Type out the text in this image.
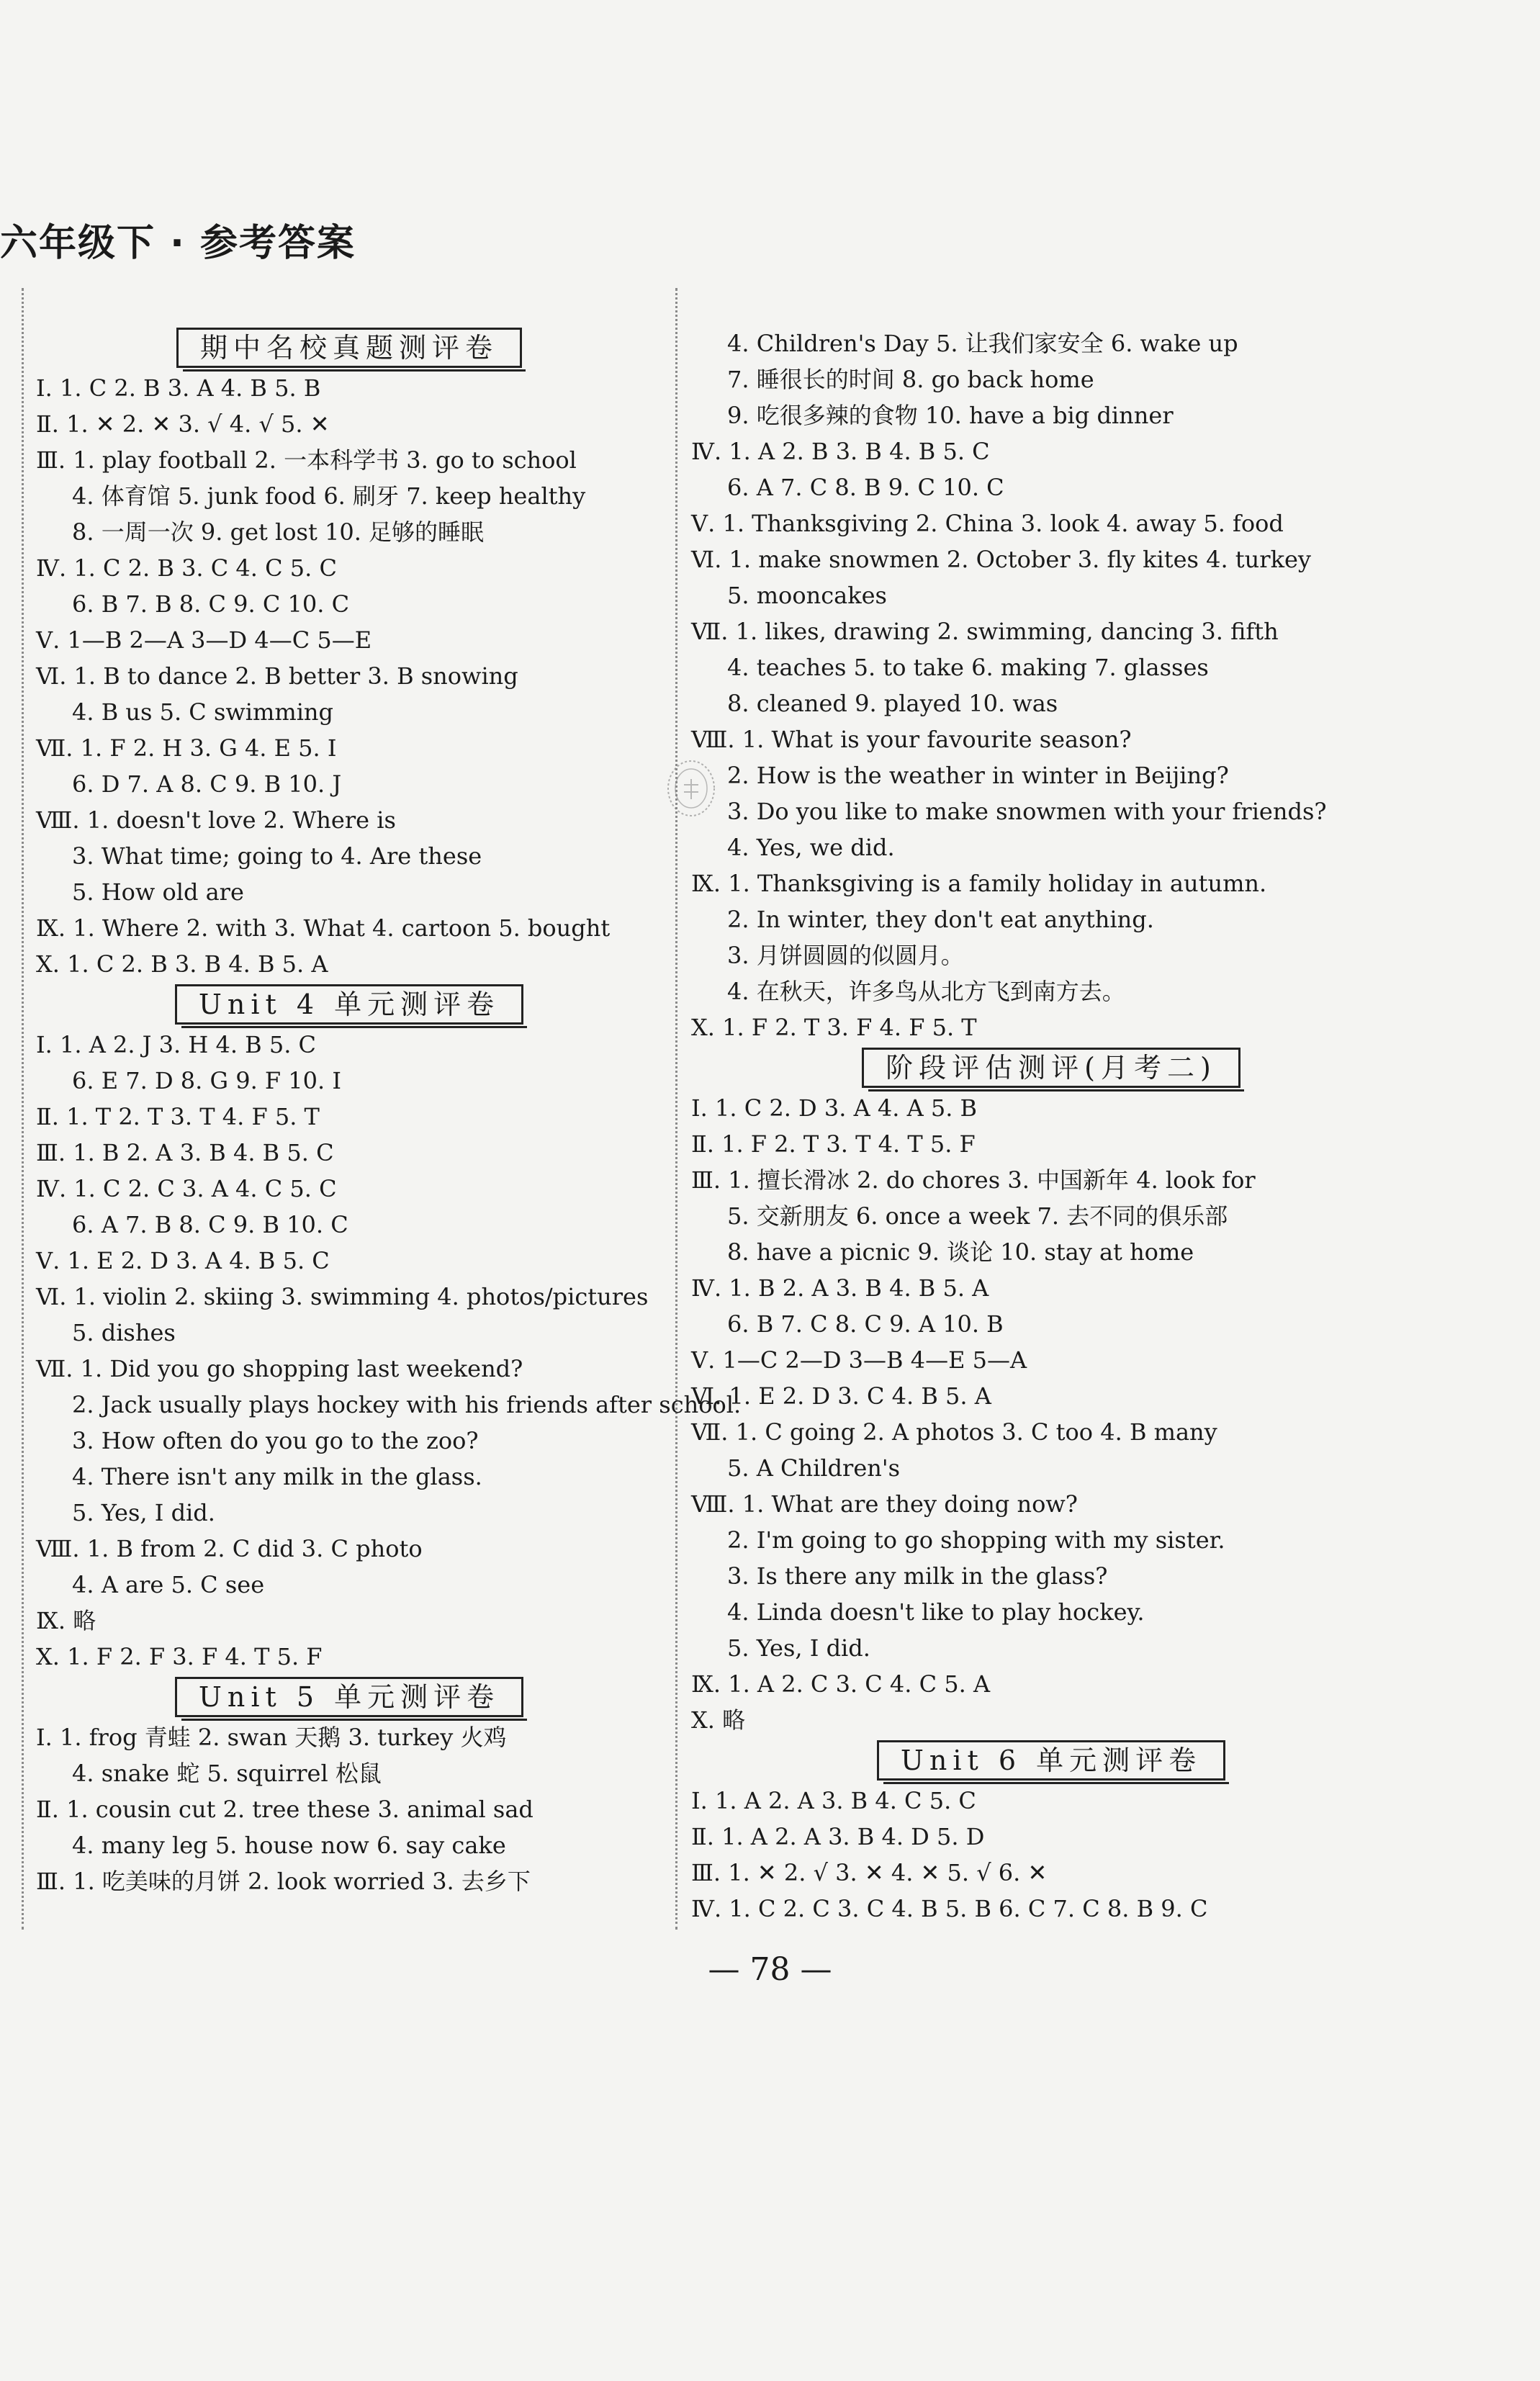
六年级下 · 参考答案
期中名校真题测评卷
Ⅰ. 1. C 2. B 3. A 4. B 5. B
Ⅱ. 1. ✕ 2. ✕ 3. √ 4. √ 5. ✕
Ⅲ. 1. play football 2. 一本科学书 3. go to school
4. 体育馆 5. junk food 6. 刷牙 7. keep healthy
8. 一周一次 9. get lost 10. 足够的睡眠
Ⅳ. 1. C 2. B 3. C 4. C 5. C
6. B 7. B 8. C 9. C 10. C
Ⅴ. 1—B 2—A 3—D 4—C 5—E
Ⅵ. 1. B to dance 2. B better 3. B snowing
4. B us 5. C swimming
Ⅶ. 1. F 2. H 3. G 4. E 5. I
6. D 7. A 8. C 9. B 10. J
Ⅷ. 1. doesn't love 2. Where is
3. What time; going to 4. Are these
5. How old are
Ⅸ. 1. Where 2. with 3. What 4. cartoon 5. bought
Ⅹ. 1. C 2. B 3. B 4. B 5. A
Unit 4 单元测评卷
Ⅰ. 1. A 2. J 3. H 4. B 5. C
6. E 7. D 8. G 9. F 10. I
Ⅱ. 1. T 2. T 3. T 4. F 5. T
Ⅲ. 1. B 2. A 3. B 4. B 5. C
Ⅳ. 1. C 2. C 3. A 4. C 5. C
6. A 7. B 8. C 9. B 10. C
Ⅴ. 1. E 2. D 3. A 4. B 5. C
Ⅵ. 1. violin 2. skiing 3. swimming 4. photos/pictures
5. dishes
Ⅶ. 1. Did you go shopping last weekend?
2. Jack usually plays hockey with his friends after school.
3. How often do you go to the zoo?
4. There isn't any milk in the glass.
5. Yes, I did.
Ⅷ. 1. B from 2. C did 3. C photo
4. A are 5. C see
Ⅸ. 略
Ⅹ. 1. F 2. F 3. F 4. T 5. F
Unit 5 单元测评卷
Ⅰ. 1. frog 青蛙 2. swan 天鹅 3. turkey 火鸡
4. snake 蛇 5. squirrel 松鼠
Ⅱ. 1. cousin cut 2. tree these 3. animal sad
4. many leg 5. house now 6. say cake
Ⅲ. 1. 吃美味的月饼 2. look worried 3. 去乡下
4. Children's Day 5. 让我们家安全 6. wake up
7. 睡很长的时间 8. go back home
9. 吃很多辣的食物 10. have a big dinner
Ⅳ. 1. A 2. B 3. B 4. B 5. C
6. A 7. C 8. B 9. C 10. C
Ⅴ. 1. Thanksgiving 2. China 3. look 4. away 5. food
Ⅵ. 1. make snowmen 2. October 3. fly kites 4. turkey
5. mooncakes
Ⅶ. 1. likes, drawing 2. swimming, dancing 3. fifth
4. teaches 5. to take 6. making 7. glasses
8. cleaned 9. played 10. was
Ⅷ. 1. What is your favourite season?
2. How is the weather in winter in Beijing?
3. Do you like to make snowmen with your friends?
4. Yes, we did.
Ⅸ. 1. Thanksgiving is a family holiday in autumn.
2. In winter, they don't eat anything.
3. 月饼圆圆的似圆月。
4. 在秋天，许多鸟从北方飞到南方去。
Ⅹ. 1. F 2. T 3. F 4. F 5. T
阶段评估测评(月考二)
Ⅰ. 1. C 2. D 3. A 4. A 5. B
Ⅱ. 1. F 2. T 3. T 4. T 5. F
Ⅲ. 1. 擅长滑冰 2. do chores 3. 中国新年 4. look for
5. 交新朋友 6. once a week 7. 去不同的俱乐部
8. have a picnic 9. 谈论 10. stay at home
Ⅳ. 1. B 2. A 3. B 4. B 5. A
6. B 7. C 8. C 9. A 10. B
Ⅴ. 1—C 2—D 3—B 4—E 5—A
Ⅵ. 1. E 2. D 3. C 4. B 5. A
Ⅶ. 1. C going 2. A photos 3. C too 4. B many
5. A Children's
Ⅷ. 1. What are they doing now?
2. I'm going to go shopping with my sister.
3. Is there any milk in the glass?
4. Linda doesn't like to play hockey.
5. Yes, I did.
Ⅸ. 1. A 2. C 3. C 4. C 5. A
Ⅹ. 略
Unit 6 单元测评卷
Ⅰ. 1. A 2. A 3. B 4. C 5. C
Ⅱ. 1. A 2. A 3. B 4. D 5. D
Ⅲ. 1. ✕ 2. √ 3. ✕ 4. ✕ 5. √ 6. ✕
Ⅳ. 1. C 2. C 3. C 4. B 5. B 6. C 7. C 8. B 9. C
— 78 —
